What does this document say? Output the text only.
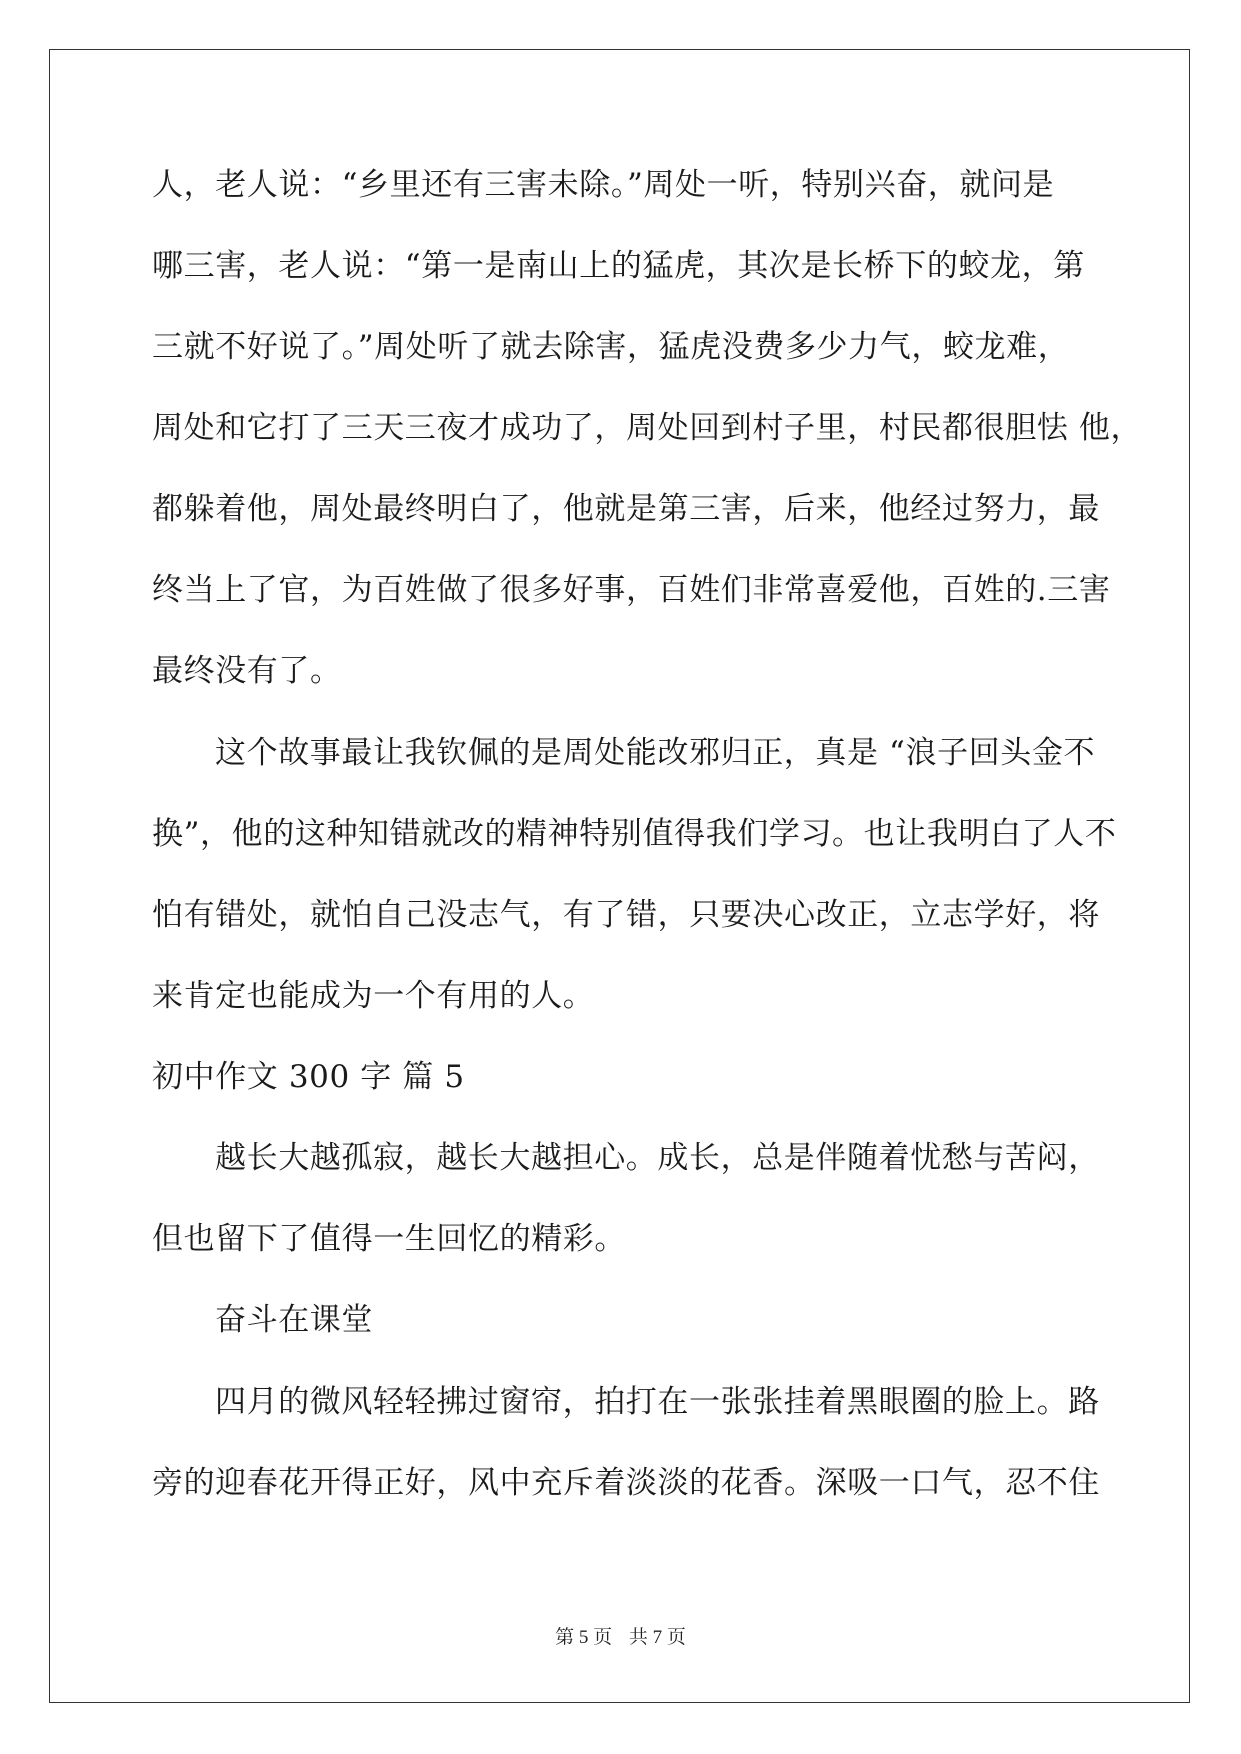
人，老人说：“乡里还有三害未除。”周处一听，特别兴奋，就问是
哪三害，老人说：“第一是南山上的猛虎，其次是长桥下的蛟龙，第
三就不好说了。”周处听了就去除害，猛虎没费多少力气，蛟龙难，
周处和它打了三天三夜才成功了，周处回到村子里，村民都很胆怯 他，
都躲着他，周处最终明白了，他就是第三害，后来，他经过努力，最
终当上了官，为百姓做了很多好事，百姓们非常喜爱他，百姓的.三害
最终没有了。
这个故事最让我钦佩的是周处能改邪归正，真是 “浪子回头金不
换”，他的这种知错就改的精神特别值得我们学习。也让我明白了人不
怕有错处，就怕自己没志气，有了错，只要决心改正，立志学好，将
来肯定也能成为一个有用的人。
初中作文 300 字 篇 5
越长大越孤寂，越长大越担心。成长，总是伴随着忧愁与苦闷，
但也留下了值得一生回忆的精彩。
奋斗在课堂
四月的微风轻轻拂过窗帘，拍打在一张张挂着黑眼圈的脸上。路
旁的迎春花开得正好，风中充斥着淡淡的花香。深吸一口气，忍不住
第 5 页 共 7 页
